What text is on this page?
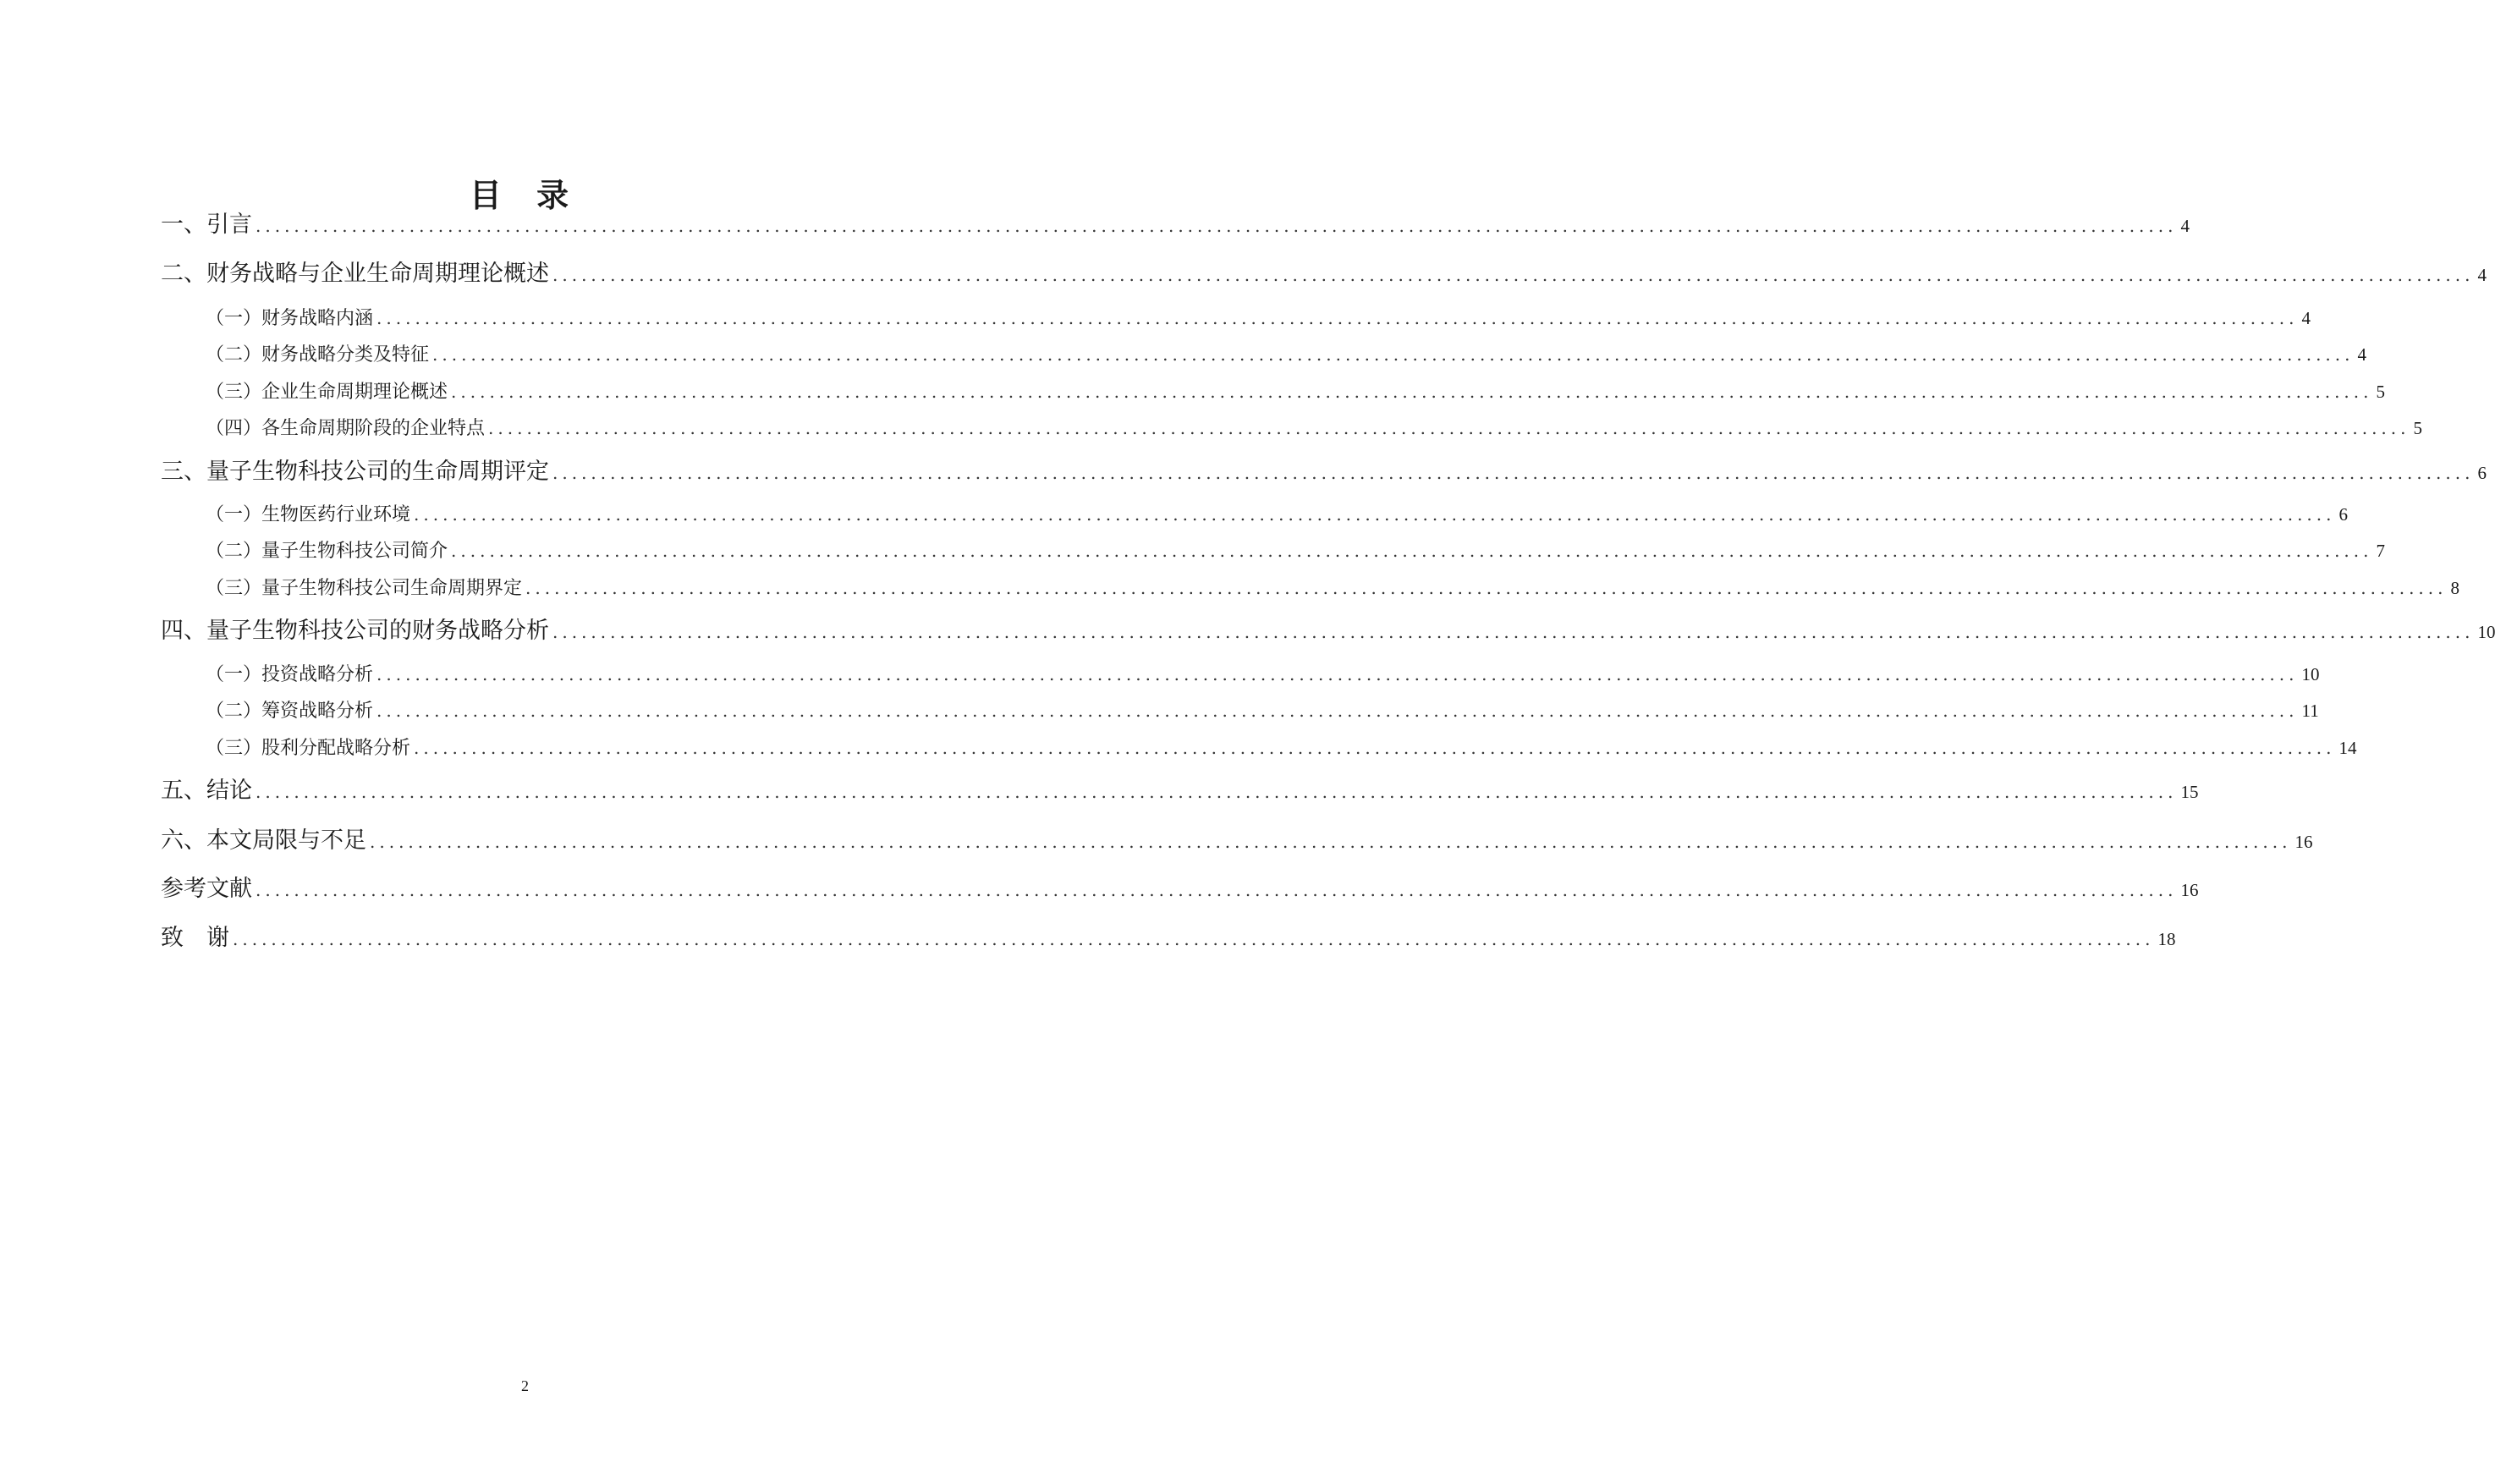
目 录
一、引言 ........................................................................................................................................................................................................ 4
二、财务战略与企业生命周期理论概述 ........................................................................................................................................................................................................ 4
（一）财务战略内涵 ........................................................................................................................................................................................................ 4
（二）财务战略分类及特征 ........................................................................................................................................................................................................ 4
（三）企业生命周期理论概述 ........................................................................................................................................................................................................ 5
（四）各生命周期阶段的企业特点 ........................................................................................................................................................................................................ 5
三、量子生物科技公司的生命周期评定 ........................................................................................................................................................................................................ 6
（一）生物医药行业环境 ........................................................................................................................................................................................................ 6
（二）量子生物科技公司简介 ........................................................................................................................................................................................................ 7
（三）量子生物科技公司生命周期界定 ........................................................................................................................................................................................................ 8
四、量子生物科技公司的财务战略分析 ........................................................................................................................................................................................................ 10
（一）投资战略分析 ........................................................................................................................................................................................................ 10
（二）筹资战略分析 ........................................................................................................................................................................................................ 11
（三）股利分配战略分析 ........................................................................................................................................................................................................ 14
五、结论 ........................................................................................................................................................................................................ 15
六、本文局限与不足 ........................................................................................................................................................................................................ 16
参考文献 ........................................................................................................................................................................................................ 16
致　谢 ........................................................................................................................................................................................................ 18
2
